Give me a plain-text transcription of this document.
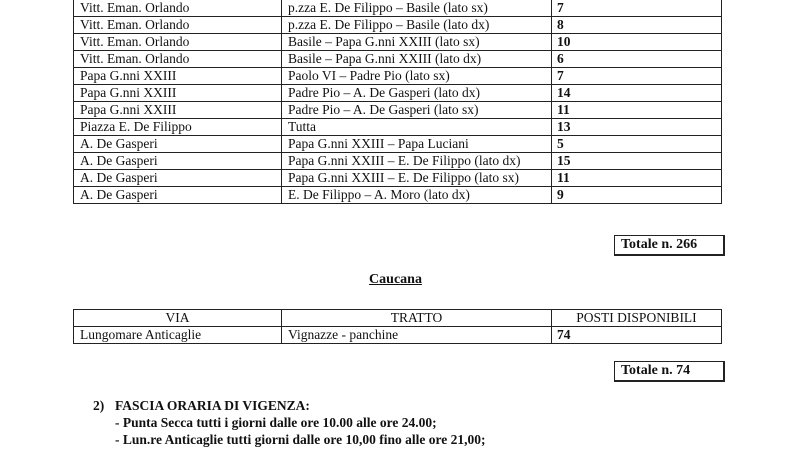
Vitt. Eman. Orlando	p.zza E. De Filippo – Basile (lato sx)	7
Vitt. Eman. Orlando	p.zza E. De Filippo – Basile (lato dx)	8
Vitt. Eman. Orlando	Basile – Papa G.nni XXIII (lato sx)	10
Vitt. Eman. Orlando	Basile – Papa G.nni XXIII (lato dx)	6
Papa G.nni XXIII	Paolo VI – Padre Pio (lato sx)	7
Papa G.nni XXIII	Padre Pio – A. De Gasperi (lato dx)	14
Papa G.nni XXIII	Padre Pio – A. De Gasperi (lato sx)	11
Piazza E. De Filippo	Tutta	13
A. De Gasperi	Papa G.nni XXIII – Papa Luciani	5
A. De Gasperi	Papa G.nni XXIII – E. De Filippo (lato dx)	15
A. De Gasperi	Papa G.nni XXIII – E. De Filippo (lato sx)	11
A. De Gasperi	E. De Filippo – A. Moro (lato dx)	9
Totale n. 266
Caucana
VIA	TRATTO	POSTI DISPONIBILI
Lungomare Anticaglie	Vignazze - panchine	74
Totale n. 74
2) FASCIA ORARIA DI VIGENZA:
- Punta Secca tutti i giorni dalle ore 10.00 alle ore 24.00;
- Lun.re Anticaglie tutti giorni dalle ore 10,00 fino alle ore 21,00;
